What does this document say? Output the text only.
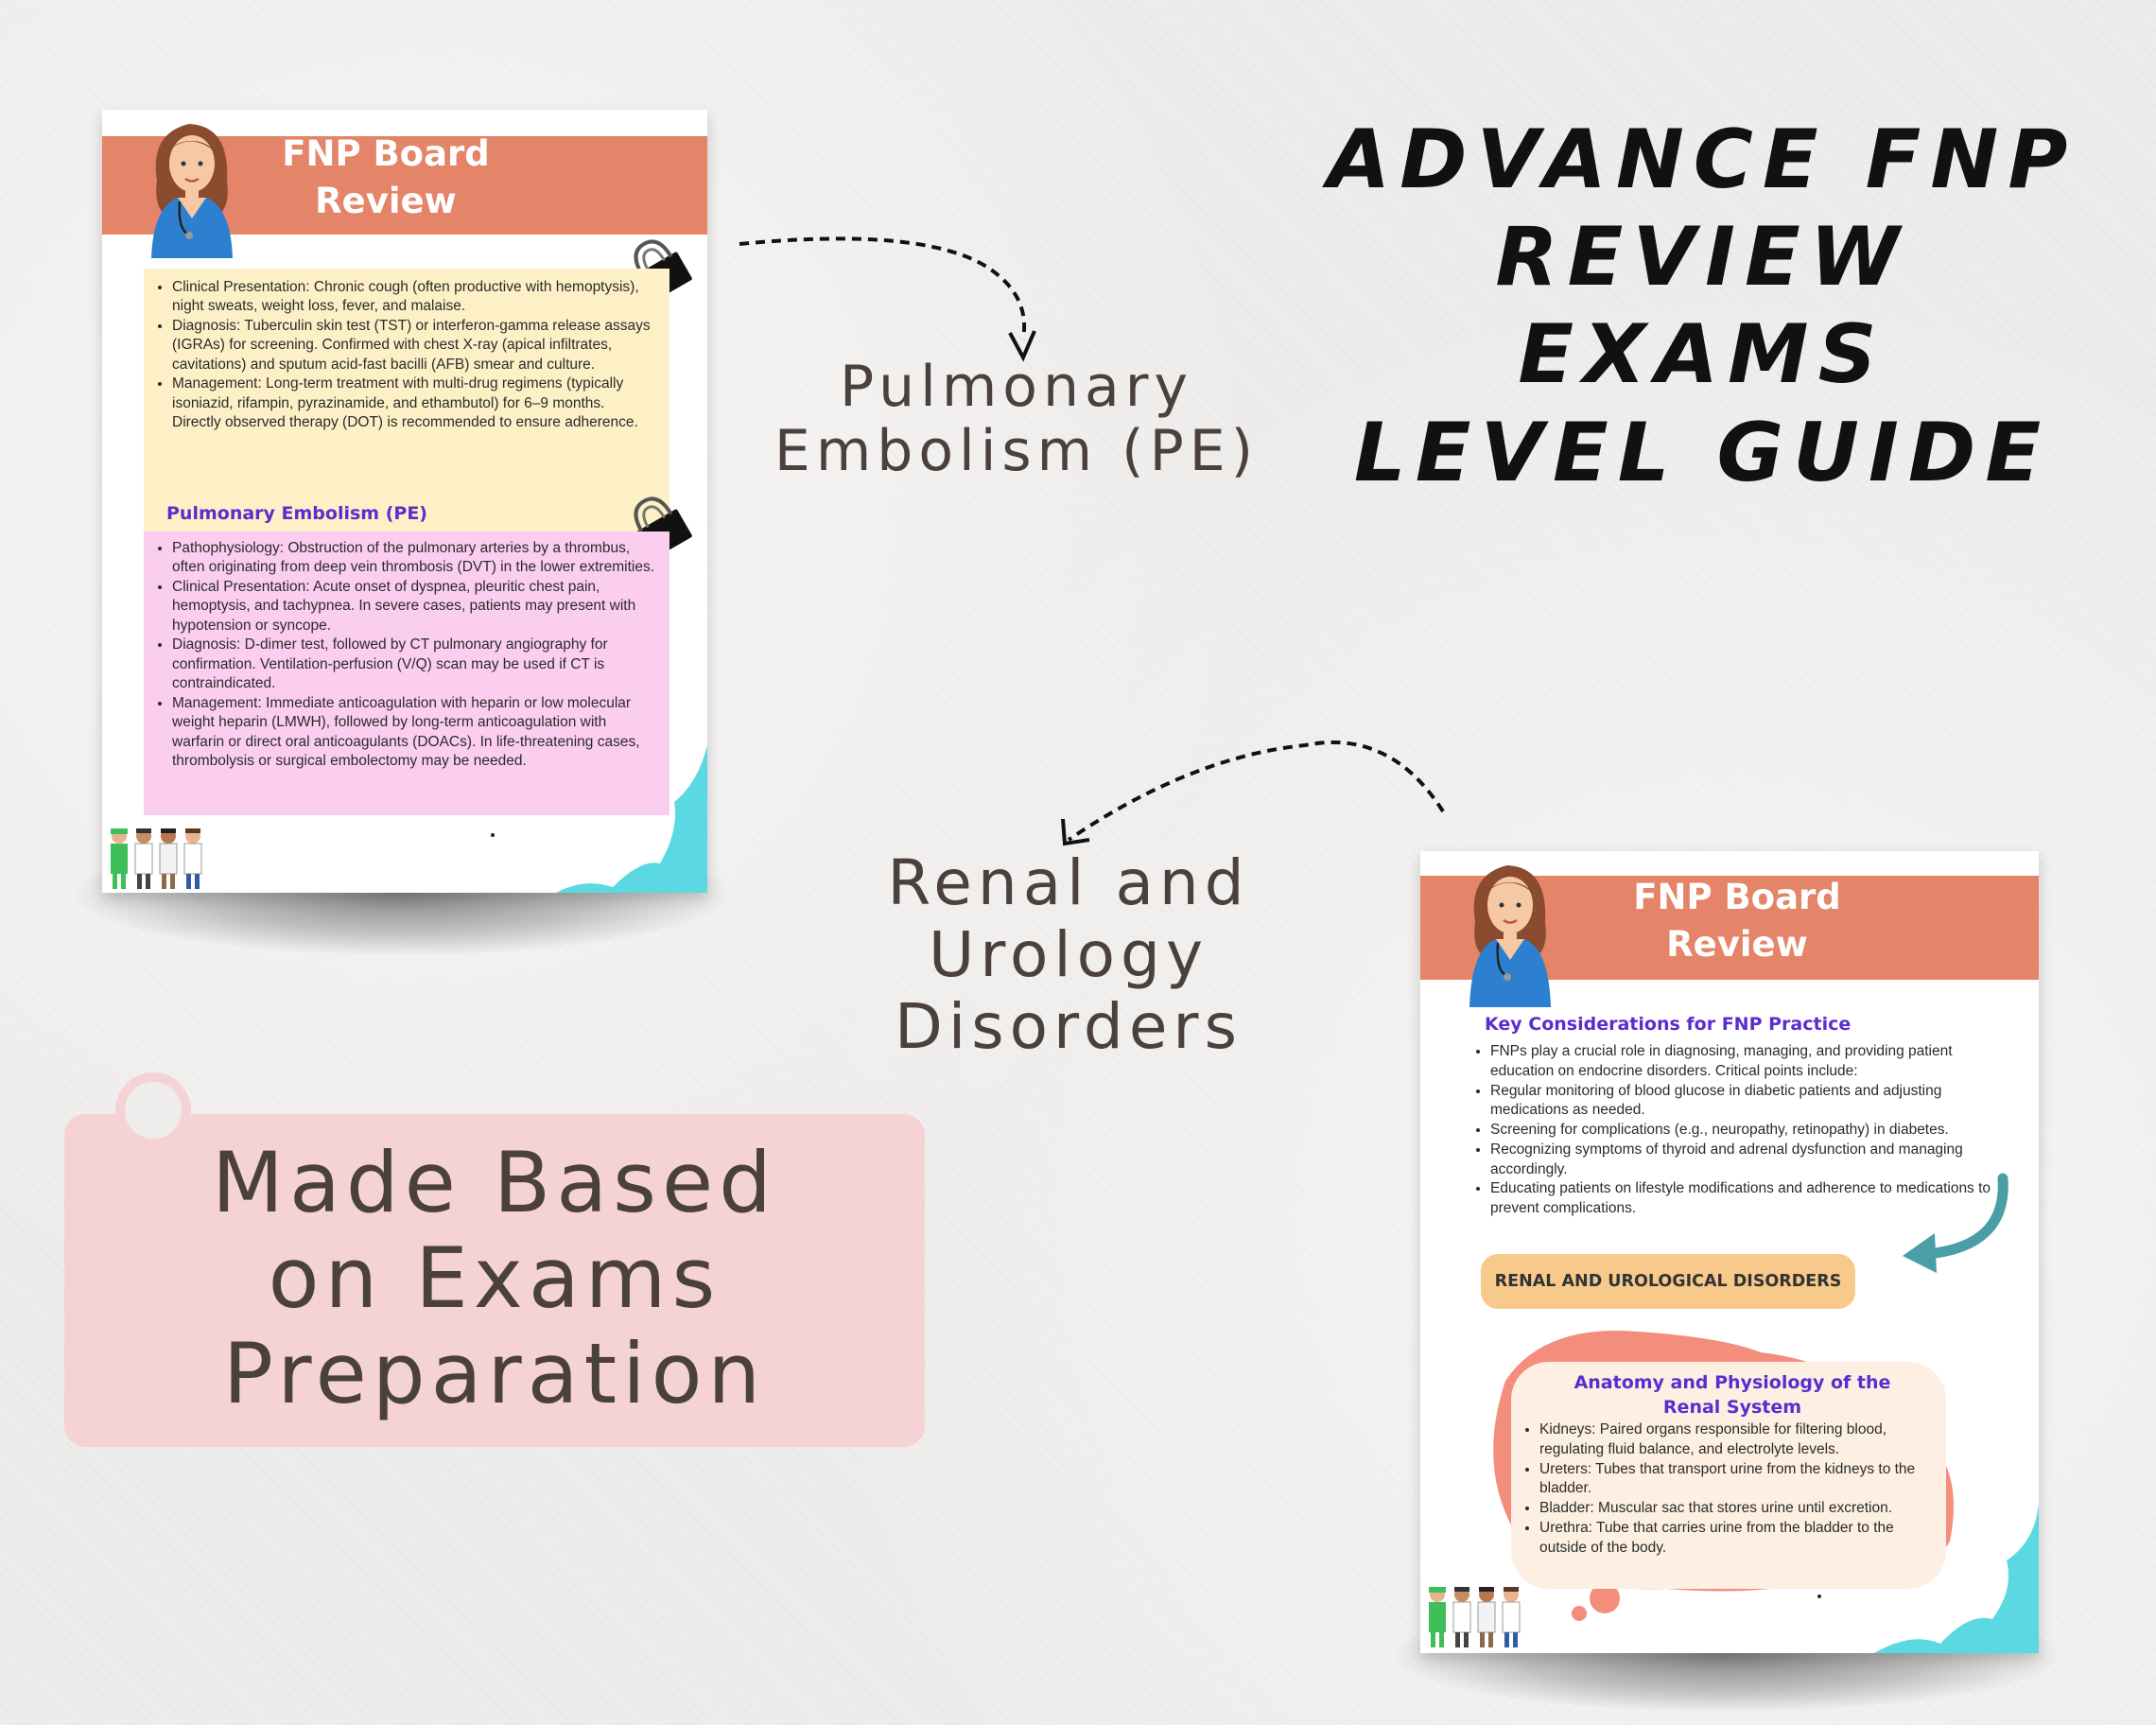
ADVANCE FNP
REVIEW EXAMS
LEVEL GUIDE
FNP Board
Review
• Clinical Presentation: Chronic cough (often productive with hemoptysis), night sweats, weight loss, fever, and malaise.
• Diagnosis: Tuberculin skin test (TST) or interferon-gamma release assays (IGRAs) for screening. Confirmed with chest X-ray (apical infiltrates, cavitations) and sputum acid-fast bacilli (AFB) smear and culture.
• Management: Long-term treatment with multi-drug regimens (typically isoniazid, rifampin, pyrazinamide, and ethambutol) for 6–9 months. Directly observed therapy (DOT) is recommended to ensure adherence.
Pulmonary Embolism (PE)
• Pathophysiology: Obstruction of the pulmonary arteries by a thrombus, often originating from deep vein thrombosis (DVT) in the lower extremities.
• Clinical Presentation: Acute onset of dyspnea, pleuritic chest pain, hemoptysis, and tachypnea. In severe cases, patients may present with hypotension or syncope.
• Diagnosis: D-dimer test, followed by CT pulmonary angiography for confirmation. Ventilation-perfusion (V/Q) scan may be used if CT is contraindicated.
• Management: Immediate anticoagulation with heparin or low molecular weight heparin (LMWH), followed by long-term anticoagulation with warfarin or direct oral anticoagulants (DOACs). In life-threatening cases, thrombolysis or surgical embolectomy may be needed.
Pulmonary
Embolism (PE)
Renal and
Urology
Disorders
Made Based
on Exams
Preparation
FNP Board
Review
Key Considerations for FNP Practice
• FNPs play a crucial role in diagnosing, managing, and providing patient education on endocrine disorders. Critical points include:
• Regular monitoring of blood glucose in diabetic patients and adjusting medications as needed.
• Screening for complications (e.g., neuropathy, retinopathy) in diabetes.
• Recognizing symptoms of thyroid and adrenal dysfunction and managing accordingly.
• Educating patients on lifestyle modifications and adherence to medications to prevent complications.
RENAL AND UROLOGICAL DISORDERS
Anatomy and Physiology of the Renal System
• Kidneys: Paired organs responsible for filtering blood, regulating fluid balance, and electrolyte levels.
• Ureters: Tubes that transport urine from the kidneys to the bladder.
• Bladder: Muscular sac that stores urine until excretion.
• Urethra: Tube that carries urine from the bladder to the outside of the body.
